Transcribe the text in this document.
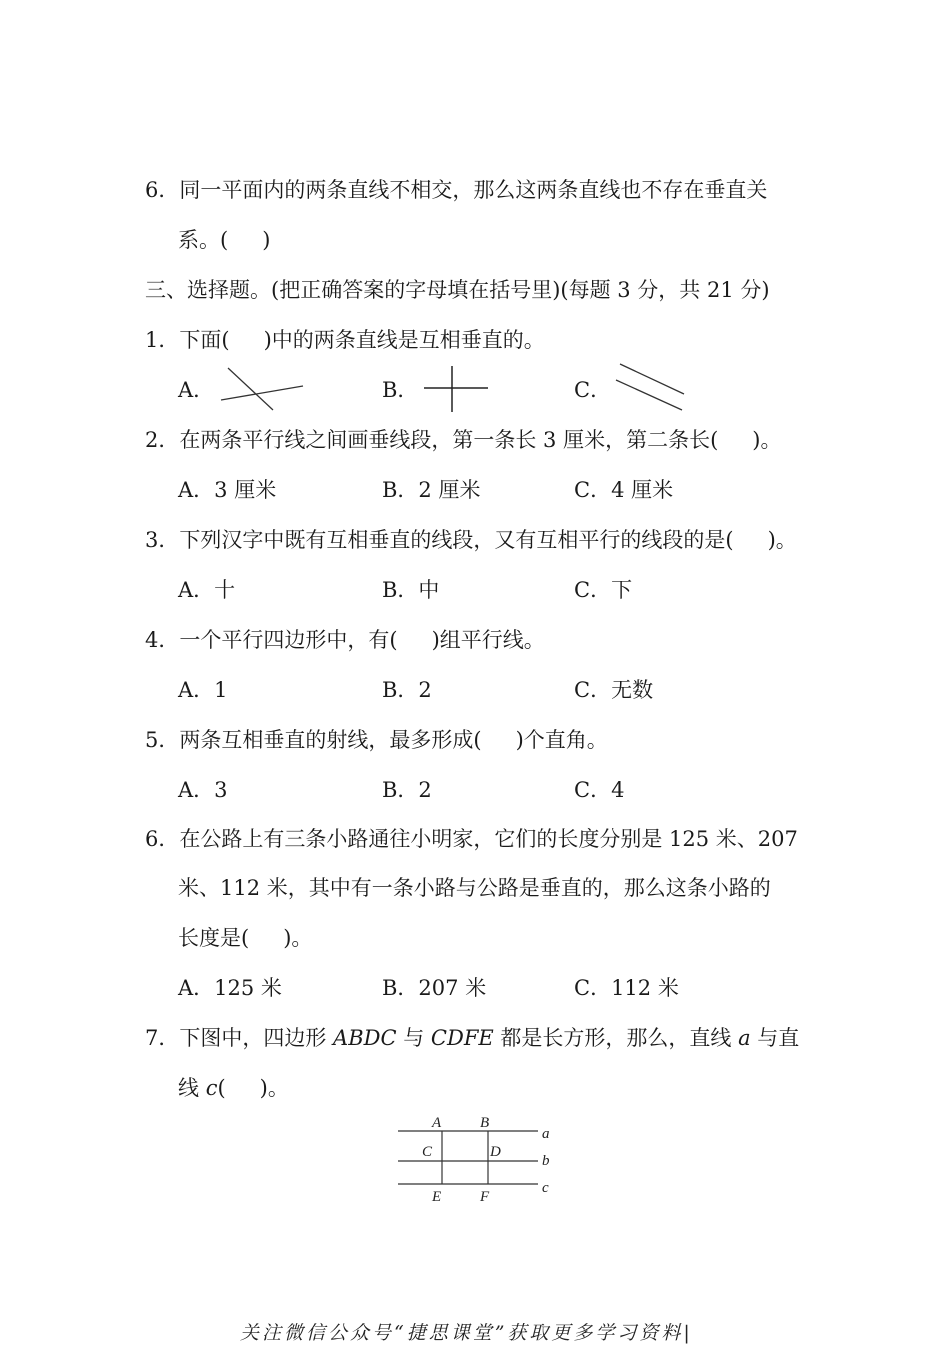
6．同一平面内的两条直线不相交，那么这两条直线也不存在垂直关
系。( )
三、选择题。(把正确答案的字母填在括号里)(每题 3 分，共 21 分)
1．下面( )中的两条直线是互相垂直的。
A．	B．	C．
2．在两条平行线之间画垂线段，第一条长 3 厘米，第二条长( )。
A．3 厘米	B．2 厘米	C．4 厘米
3．下列汉字中既有互相垂直的线段，又有互相平行的线段的是( )。
A．十	B．中	C．下
4．一个平行四边形中，有( )组平行线。
A．1	B．2	C．无数
5．两条互相垂直的射线，最多形成( )个直角。
A．3	B．2	C．4
6．在公路上有三条小路通往小明家，它们的长度分别是 125 米、207
米、112 米，其中有一条小路与公路是垂直的，那么这条小路的
长度是( )。
A．125 米	B．207 米	C．112 米
7．下图中，四边形 ABDC 与 CDFE 都是长方形，那么，直线 a 与直
线 c( )。
A	B
C	D
E	F
a
b
c
关注微信公众号“捷思课堂”获取更多学习资料|
